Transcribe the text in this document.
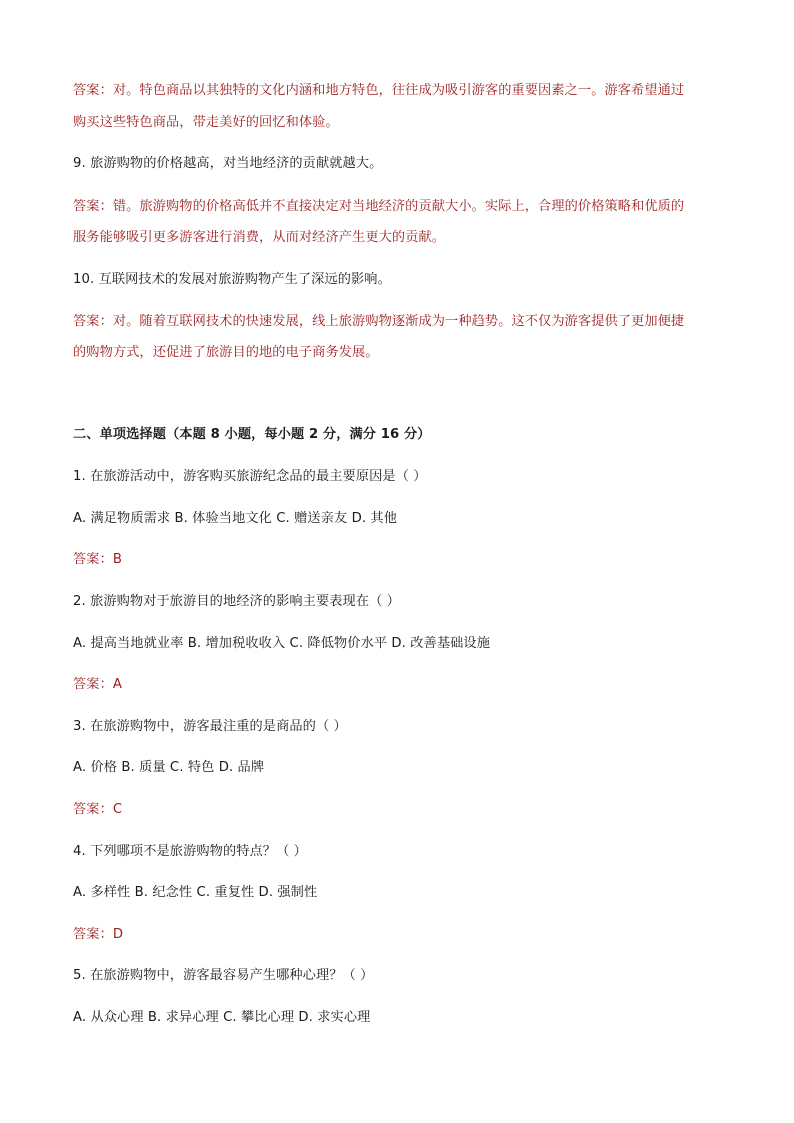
答案：对。特色商品以其独特的文化内涵和地方特色，往往成为吸引游客的重要因素之一。游客希望通过

购买这些特色商品，带走美好的回忆和体验。

9. 旅游购物的价格越高，对当地经济的贡献就越大。

答案：错。旅游购物的价格高低并不直接决定对当地经济的贡献大小。实际上，合理的价格策略和优质的

服务能够吸引更多游客进行消费，从而对经济产生更大的贡献。

10. 互联网技术的发展对旅游购物产生了深远的影响。

答案：对。随着互联网技术的快速发展，线上旅游购物逐渐成为一种趋势。这不仅为游客提供了更加便捷

的购物方式，还促进了旅游目的地的电子商务发展。

二、单项选择题（本题 8 小题，每小题 2 分，满分 16 分）

1. 在旅游活动中，游客购买旅游纪念品的最主要原因是（ ）

A. 满足物质需求 B. 体验当地文化 C. 赠送亲友 D. 其他

答案：B

2. 旅游购物对于旅游目的地经济的影响主要表现在（ ）

A. 提高当地就业率 B. 增加税收收入 C. 降低物价水平 D. 改善基础设施

答案：A

3. 在旅游购物中，游客最注重的是商品的（ ）

A. 价格 B. 质量 C. 特色 D. 品牌

答案：C

4. 下列哪项不是旅游购物的特点？（ ）

A. 多样性 B. 纪念性 C. 重复性 D. 强制性

答案：D

5. 在旅游购物中，游客最容易产生哪种心理？（ ）

A. 从众心理 B. 求异心理 C. 攀比心理 D. 求实心理
